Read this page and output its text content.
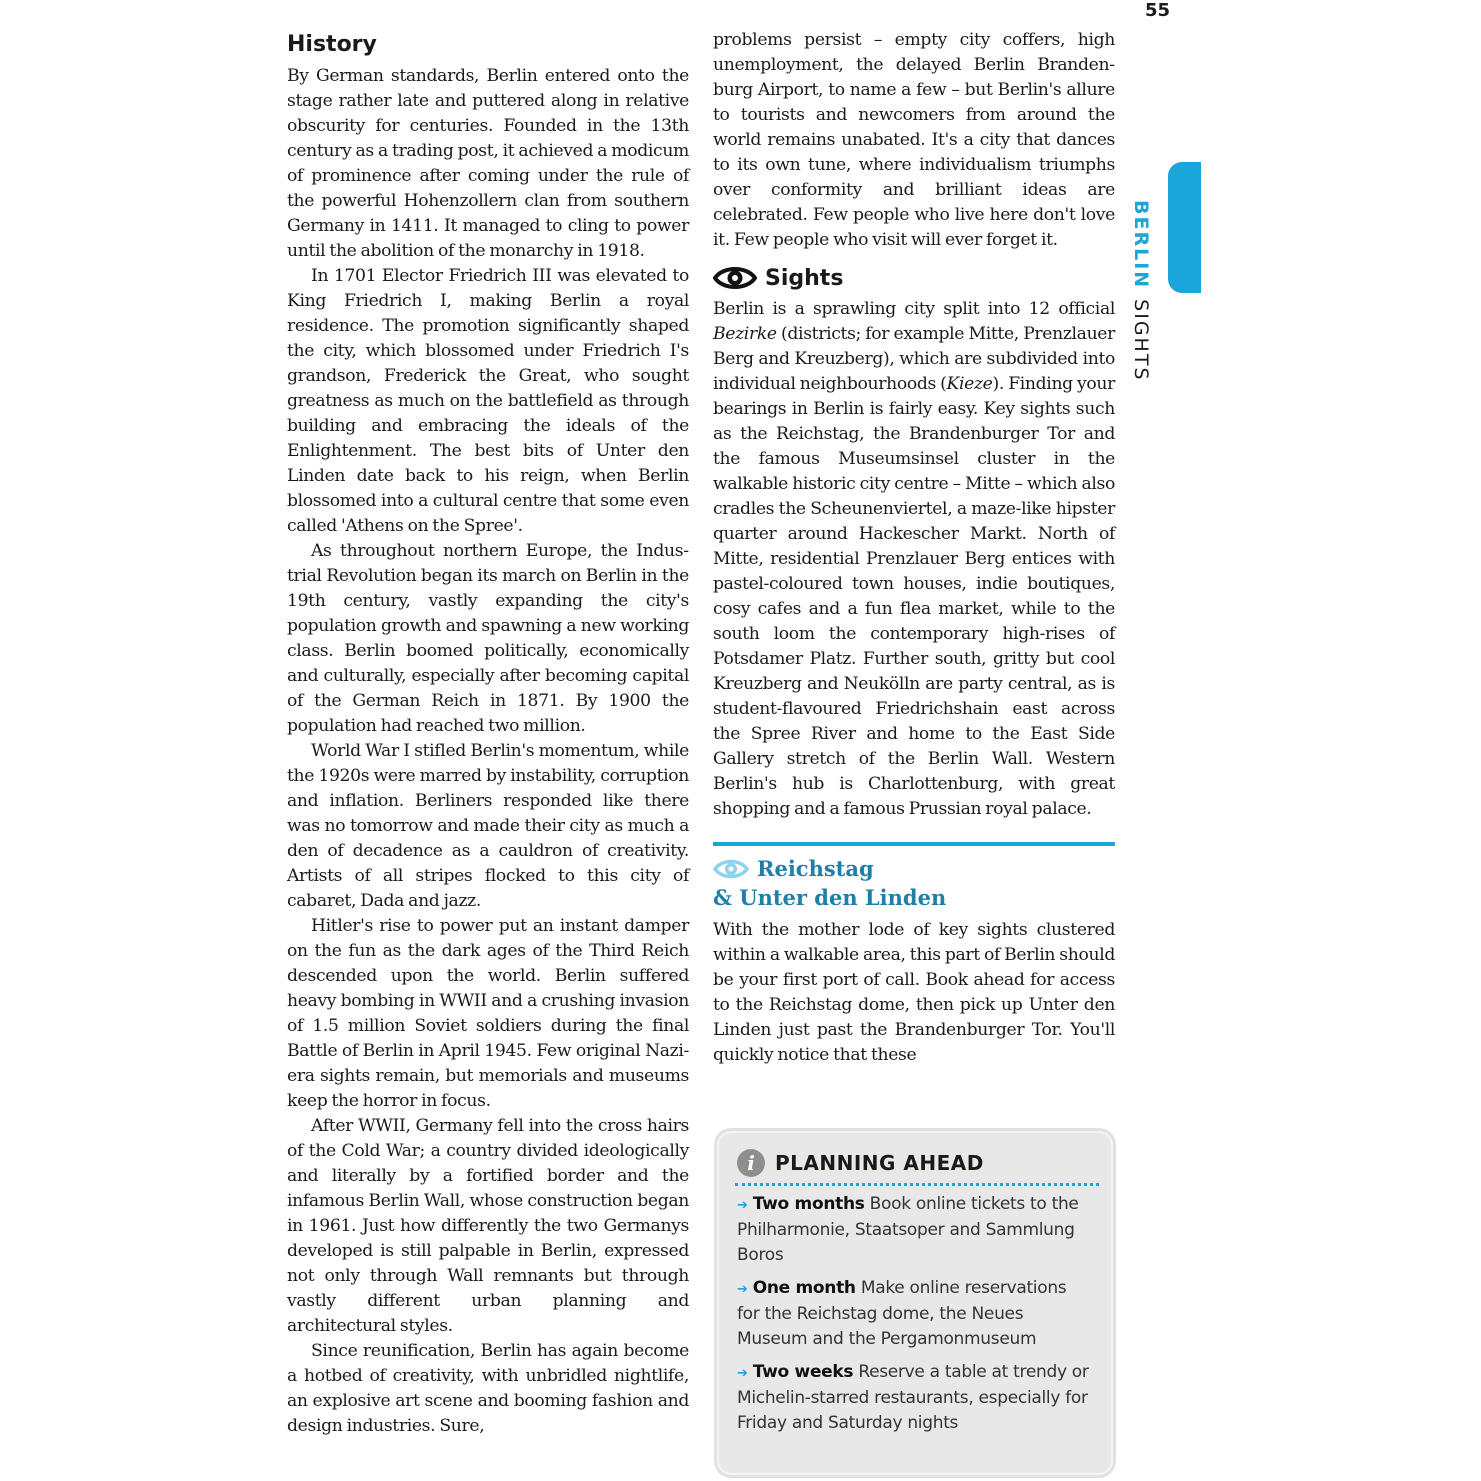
55
History

By German standards, Berlin entered onto the stage rather late and puttered along in relative obscurity for centuries. Founded in the 13th century as a trading post, it achieved a modicum of prominence after coming under the rule of the powerful Hohenzollern clan from southern Germany in 1411. It managed to cling to power until the abolition of the monarchy in 1918.

In 1701 Elector Friedrich III was elevated to King Friedrich I, making Berlin a royal residence. The promotion significantly shaped the city, which blossomed under Friedrich I's grandson, Frederick the Great, who sought greatness as much on the battlefield as through building and embracing the ideals of the Enlightenment. The best bits of Unter den Linden date back to his reign, when Berlin blossomed into a cultural centre that some even called 'Athens on the Spree'.

As throughout northern Europe, the Industrial Revolution began its march on Berlin in the 19th century, vastly expanding the city's population growth and spawning a new working class. Berlin boomed politically, economically and culturally, especially after becoming capital of the German Reich in 1871. By 1900 the population had reached two million.

World War I stifled Berlin's momentum, while the 1920s were marred by instability, corruption and inflation. Berliners responded like there was no tomorrow and made their city as much a den of decadence as a cauldron of creativity. Artists of all stripes flocked to this city of cabaret, Dada and jazz.

Hitler's rise to power put an instant damper on the fun as the dark ages of the Third Reich descended upon the world. Berlin suffered heavy bombing in WWII and a crushing invasion of 1.5 million Soviet soldiers during the final Battle of Berlin in April 1945. Few original Nazi-era sights remain, but memorials and museums keep the horror in focus.

After WWII, Germany fell into the cross hairs of the Cold War; a country divided ideologically and literally by a fortified border and the infamous Berlin Wall, whose construction began in 1961. Just how differently the two Germanys developed is still palpable in Berlin, expressed not only through Wall remnants but through vastly different urban planning and architectural styles.

Since reunification, Berlin has again become a hotbed of creativity, with unbridled nightlife, an explosive art scene and booming fashion and design industries. Sure,

problems persist – empty city coffers, high unemployment, the delayed Berlin Brandenburg Airport, to name a few – but Berlin's allure to tourists and newcomers from around the world remains unabated. It's a city that dances to its own tune, where individualism triumphs over conformity and brilliant ideas are celebrated. Few people who live here don't love it. Few people who visit will ever forget it.

Sights

Berlin is a sprawling city split into 12 official Bezirke (districts; for example Mitte, Prenzlauer Berg and Kreuzberg), which are subdivided into individual neighbourhoods (Kieze). Finding your bearings in Berlin is fairly easy. Key sights such as the Reichstag, the Brandenburger Tor and the famous Museumsinsel cluster in the walkable historic city centre – Mitte – which also cradles the Scheunenviertel, a maze-like hipster quarter around Hackescher Markt. North of Mitte, residential Prenzlauer Berg entices with pastel-coloured town houses, indie boutiques, cosy cafes and a fun flea market, while to the south loom the contemporary high-rises of Potsdamer Platz. Further south, gritty but cool Kreuzberg and Neukölln are party central, as is student-flavoured Friedrichshain east across the Spree River and home to the East Side Gallery stretch of the Berlin Wall. Western Berlin's hub is Charlottenburg, with great shopping and a famous Prussian royal palace.

Reichstag
& Unter den Linden

With the mother lode of key sights clustered within a walkable area, this part of Berlin should be your first port of call. Book ahead for access to the Reichstag dome, then pick up Unter den Linden just past the Brandenburger Tor. You'll quickly notice that these

i	PLANNING AHEAD
➔ Two months Book online tickets to the Philharmonie, Staatsoper and Sammlung Boros
➔ One month Make online reservations for the Reichstag dome, the Neues Museum and the Pergamonmuseum
➔ Two weeks Reserve a table at trendy or Michelin-starred restaurants, especially for Friday and Saturday nights
BERLINSIGHTS
